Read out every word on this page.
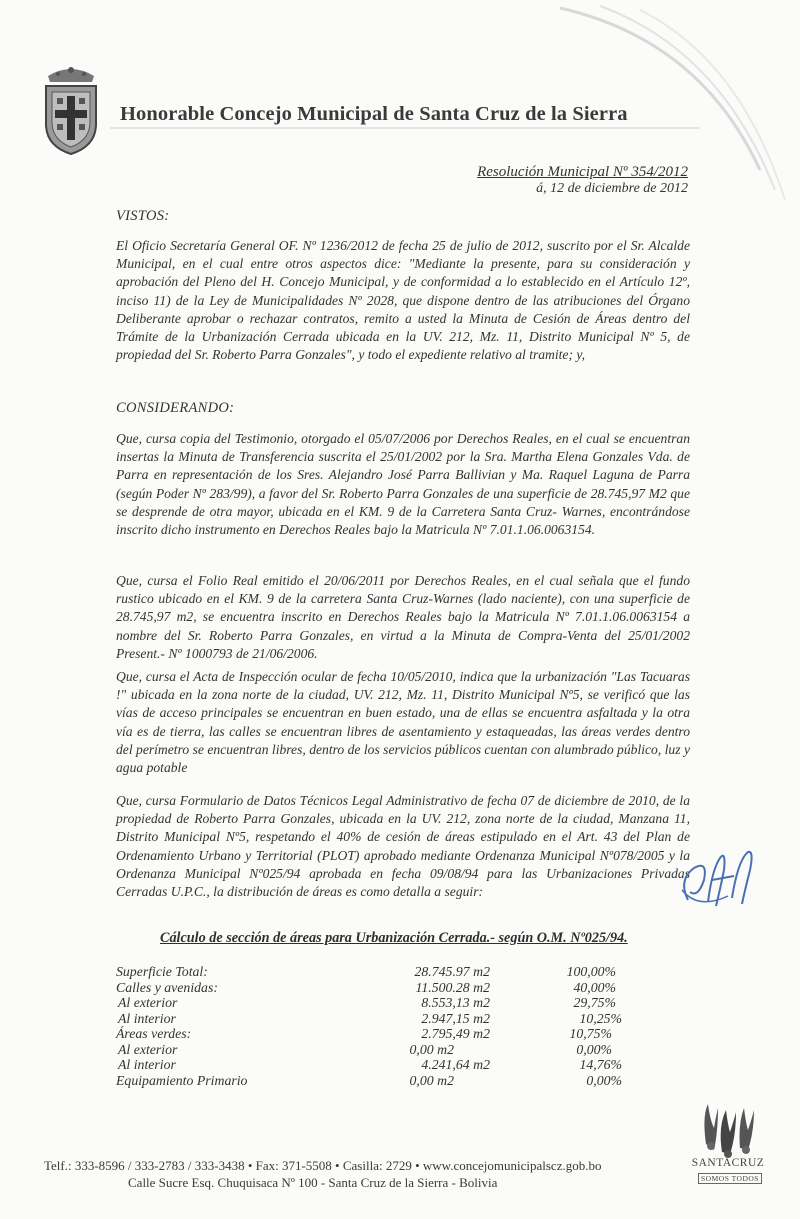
Honorable Concejo Municipal de Santa Cruz de la Sierra
Resolución Municipal Nº 354/2012
á, 12 de diciembre de 2012
VISTOS:

El Oficio Secretaría General OF. Nº 1236/2012 de fecha 25 de julio de 2012, suscrito por el Sr. Alcalde Municipal, en el cual entre otros aspectos dice: "Mediante la presente, para su consideración y aprobación del Pleno del H. Concejo Municipal, y de conformidad a lo establecido en el Artículo 12º, inciso 11) de la Ley de Municipalidades Nº 2028, que dispone dentro de las atribuciones del Órgano Deliberante aprobar o rechazar contratos, remito a usted la Minuta de Cesión de Áreas dentro del Trámite de la Urbanización Cerrada ubicada en la UV. 212, Mz. 11, Distrito Municipal Nº 5, de propiedad del Sr. Roberto Parra Gonzales", y todo el expediente relativo al tramite; y,

CONSIDERANDO:

Que, cursa copia del Testimonio, otorgado el 05/07/2006 por Derechos Reales, en el cual se encuentran insertas la Minuta de Transferencia suscrita el 25/01/2002 por la Sra. Martha Elena Gonzales Vda. de Parra en representación de los Sres. Alejandro José Parra Ballivian y Ma. Raquel Laguna de Parra (según Poder Nº 283/99), a favor del Sr. Roberto Parra Gonzales de una superficie de 28.745,97 M2 que se desprende de otra mayor, ubicada en el KM. 9 de la Carretera Santa Cruz- Warnes, encontrándose inscrito dicho instrumento en Derechos Reales bajo la Matricula Nº 7.01.1.06.0063154.

Que, cursa el Folio Real emitido el 20/06/2011 por Derechos Reales, en el cual señala que el fundo rustico ubicado en el KM. 9 de la carretera Santa Cruz-Warnes (lado naciente), con una superficie de 28.745,97 m2, se encuentra inscrito en Derechos Reales bajo la Matricula Nº 7.01.1.06.0063154 a nombre del Sr. Roberto Parra Gonzales, en virtud a la Minuta de Compra-Venta del 25/01/2002 Present.- Nº 1000793 de 21/06/2006.

Que, cursa el Acta de Inspección ocular de fecha 10/05/2010, indica que la urbanización "Las Tacuaras !" ubicada en la zona norte de la ciudad, UV. 212, Mz. 11, Distrito Municipal Nº5, se verificó que las vías de acceso principales se encuentran en buen estado, una de ellas se encuentra asfaltada y la otra vía es de tierra, las calles se encuentran libres de asentamiento y estaqueadas, las áreas verdes dentro del perímetro se encuentran libres, dentro de los servicios públicos cuentan con alumbrado público, luz y agua potable

Que, cursa Formulario de Datos Técnicos Legal Administrativo de fecha 07 de diciembre de 2010, de la propiedad de Roberto Parra Gonzales, ubicada en la UV. 212, zona norte de la ciudad, Manzana 11, Distrito Municipal Nº5, respetando el 40% de cesión de áreas estipulado en el Art. 43 del Plan de Ordenamiento Urbano y Territorial (PLOT) aprobado mediante Ordenanza Municipal Nº078/2005 y la Ordenanza Municipal Nº025/94 aprobada en fecha 09/08/94 para las Urbanizaciones Privadas Cerradas U.P.C., la distribución de áreas es como detalla a seguir:

Cálculo de sección de áreas para Urbanización Cerrada.- según O.M. Nº025/94.
Superficie Total:	28.745.97 m2	100,00%
Calles y avenidas:	11.500.28 m2	40,00%
Al exterior	8.553,13 m2	29,75%
Al interior	2.947,15 m2	10,25%
Áreas verdes:	2.795,49 m2	10,75%
Al exterior	0,00 m2	0,00%
Al interior	4.241,64 m2	14,76%
Equipamiento Primario	0,00 m2	0,00%
SANTACRUZ
SOMOS TODOS
Telf.: 333-8596 / 333-2783 / 333-3438 • Fax: 371-5508 • Casilla: 2729 • www.concejomunicipalscz.gob.bo
Calle Sucre Esq. Chuquisaca Nº 100 - Santa Cruz de la Sierra - Bolivia
